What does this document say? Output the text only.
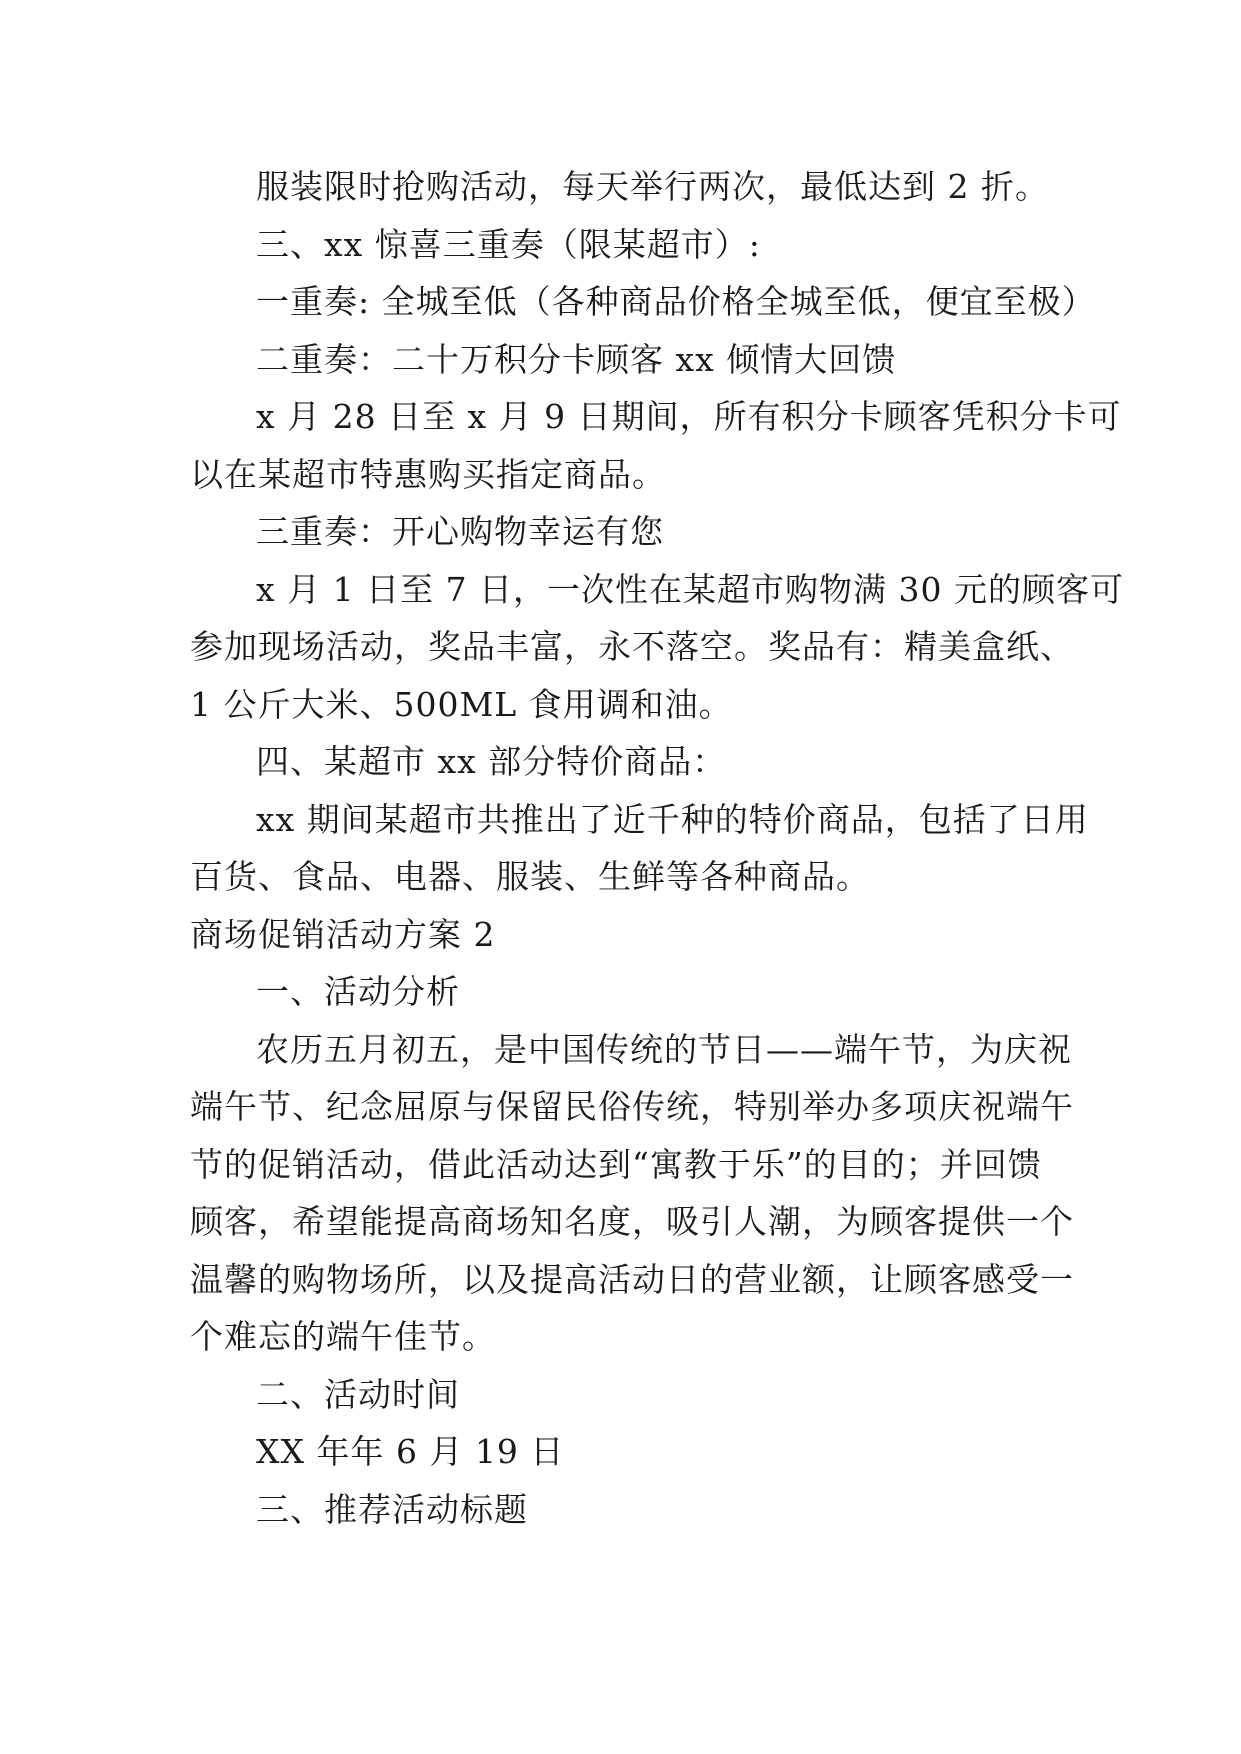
服装限时抢购活动，每天举行两次，最低达到 2 折。

三、xx 惊喜三重奏（限某超市）:

一重奏: 全城至低（各种商品价格全城至低，便宜至极）

二重奏：二十万积分卡顾客 xx 倾情大回馈

x 月 28 日至 x 月 9 日期间，所有积分卡顾客凭积分卡可

以在某超市特惠购买指定商品。

三重奏：开心购物幸运有您

x 月 1 日至 7 日，一次性在某超市购物满 30 元的顾客可

参加现场活动，奖品丰富，永不落空。奖品有：精美盒纸、

1 公斤大米、500ML 食用调和油。

四、某超市 xx 部分特价商品：

xx 期间某超市共推出了近千种的特价商品，包括了日用

百货、食品、电器、服装、生鲜等各种商品。

商场促销活动方案 2

一、活动分析

农历五月初五，是中国传统的节日——端午节，为庆祝

端午节、纪念屈原与保留民俗传统，特别举办多项庆祝端午

节的促销活动，借此活动达到“寓教于乐”的目的；并回馈

顾客，希望能提高商场知名度，吸引人潮，为顾客提供一个

温馨的购物场所，以及提高活动日的营业额，让顾客感受一

个难忘的端午佳节。

二、活动时间

XX 年年 6 月 19 日

三、推荐活动标题
